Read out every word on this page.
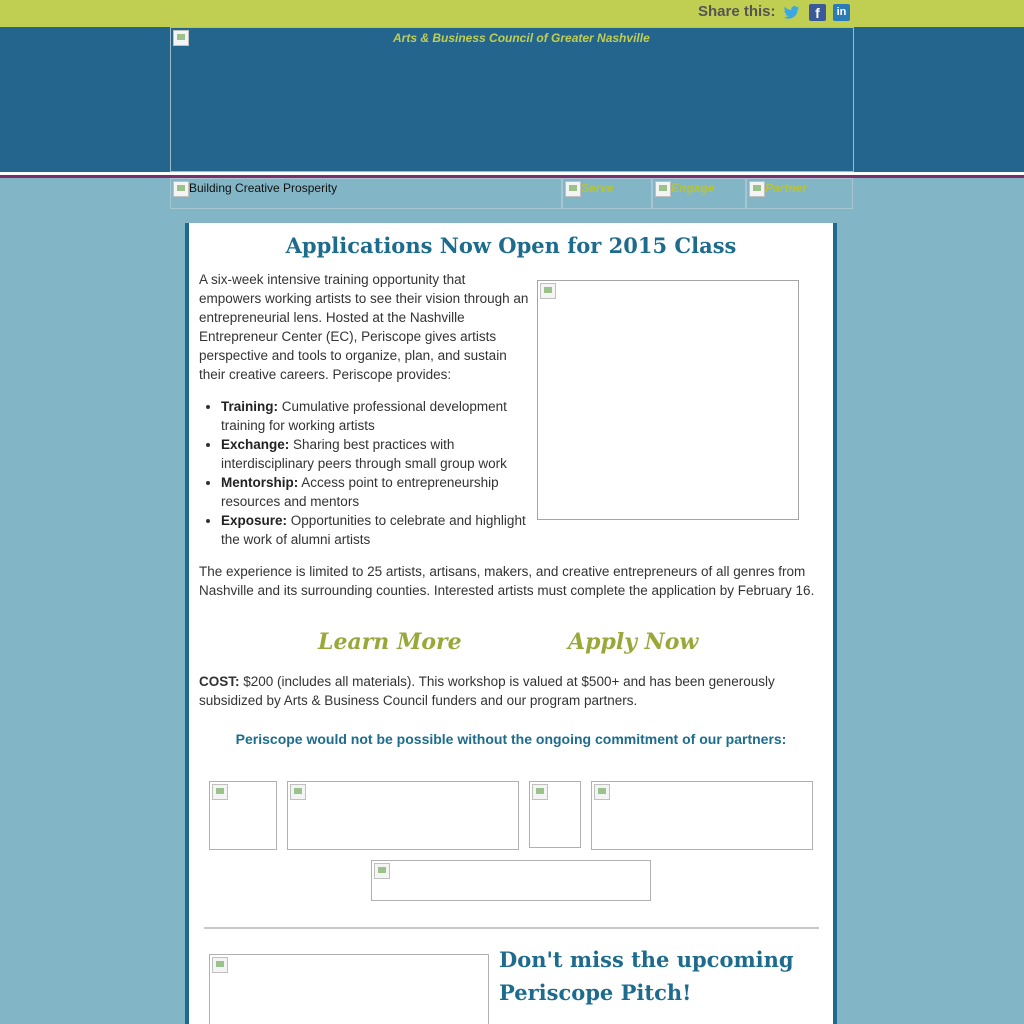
Share this:	f	in
Arts & Business Council of Greater Nashville
Building Creative Prosperity	Serve	Engage	Partner
Applications Now Open for 2015 Class

A six-week intensive training opportunity that empowers working artists to see their vision through an entrepreneurial lens. Hosted at the Nashville Entrepreneur Center (EC), Periscope gives artists perspective and tools to organize, plan, and sustain their creative careers. Periscope provides:

• Training: Cumulative professional development training for working artists
• Exchange: Sharing best practices with interdisciplinary peers through small group work
• Mentorship: Access point to entrepreneurship resources and mentors
• Exposure: Opportunities to celebrate and highlight the work of alumni artists

The experience is limited to 25 artists, artisans, makers, and creative entrepreneurs of all genres from Nashville and its surrounding counties. Interested artists must complete the application by February 16.

Learn More	Apply Now

COST: $200 (includes all materials). This workshop is valued at $500+ and has been generously subsidized by Arts & Business Council funders and our program partners.

Periscope would not be possible without the ongoing commitment of our partners:

Don't miss the upcoming Periscope Pitch!
